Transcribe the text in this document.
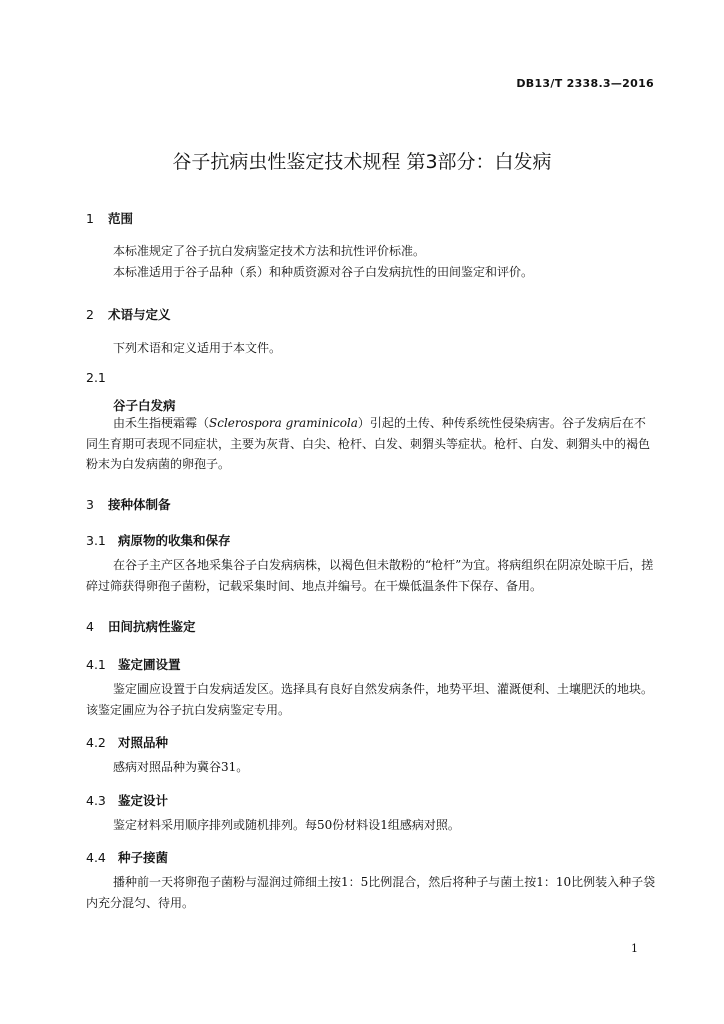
DB13/T 2338.3—2016
谷子抗病虫性鉴定技术规程 第3部分：白发病
1 范围
本标准规定了谷子抗白发病鉴定技术方法和抗性评价标准。
本标准适用于谷子品种（系）和种质资源对谷子白发病抗性的田间鉴定和评价。
2 术语与定义
下列术语和定义适用于本文件。
2.1
谷子白发病
由禾生指梗霜霉（Sclerospora graminicola）引起的土传、种传系统性侵染病害。谷子发病后在不同生育期可表现不同症状，主要为灰背、白尖、枪杆、白发、刺猬头等症状。枪杆、白发、刺猬头中的褐色粉末为白发病菌的卵孢子。
3 接种体制备
3.1 病原物的收集和保存
在谷子主产区各地采集谷子白发病病株，以褐色但未散粉的“枪杆”为宜。将病组织在阴凉处晾干后，搓碎过筛获得卵孢子菌粉，记载采集时间、地点并编号。在干燥低温条件下保存、备用。
4 田间抗病性鉴定
4.1 鉴定圃设置
鉴定圃应设置于白发病适发区。选择具有良好自然发病条件，地势平坦、灌溉便利、土壤肥沃的地块。该鉴定圃应为谷子抗白发病鉴定专用。
4.2 对照品种
感病对照品种为冀谷31。
4.3 鉴定设计
鉴定材料采用顺序排列或随机排列。每50份材料设1组感病对照。
4.4 种子接菌
播种前一天将卵孢子菌粉与湿润过筛细土按1：5比例混合，然后将种子与菌土按1：10比例装入种子袋内充分混匀、待用。
1
